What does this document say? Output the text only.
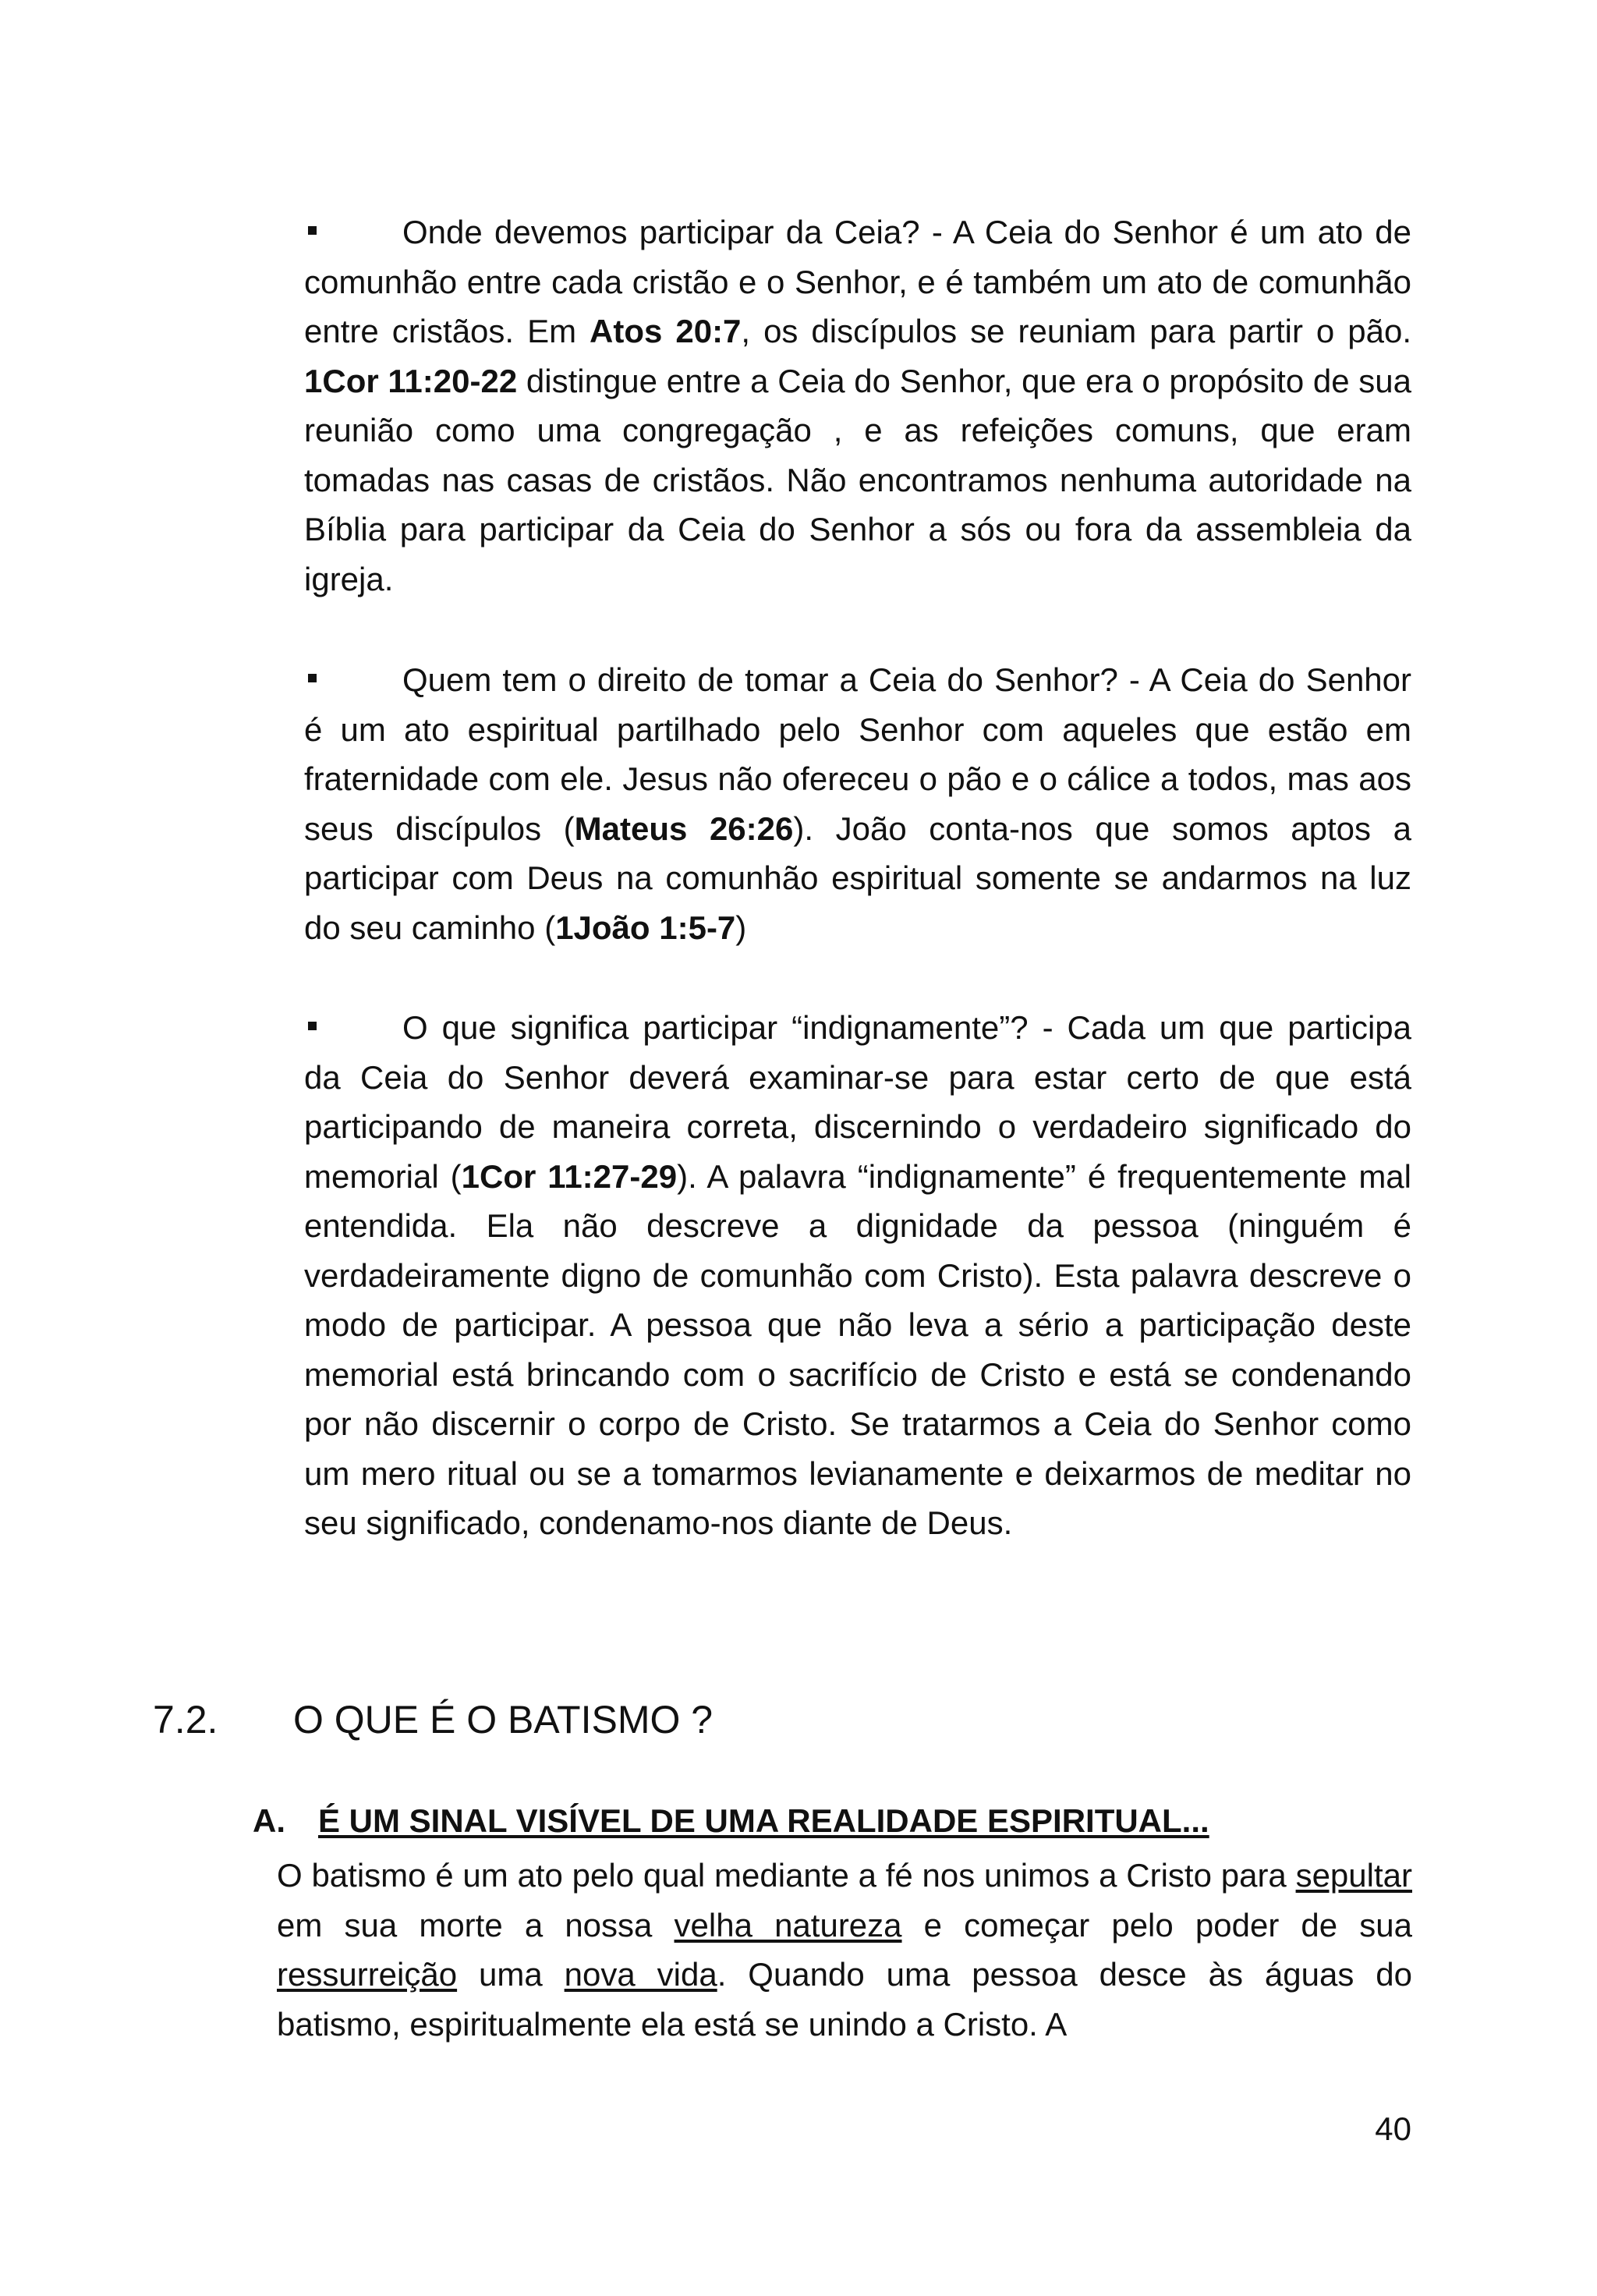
Onde devemos participar da Ceia? - A Ceia do Senhor é um ato de comunhão entre cada cristão e o Senhor, e é também um ato de comunhão entre cristãos. Em Atos 20:7, os discípulos se reuniam para partir o pão. 1Cor 11:20-22 distingue entre a Ceia do Senhor, que era o propósito de sua reunião como uma congregação , e as refeições comuns, que eram tomadas nas casas de cristãos. Não encontramos nenhuma autoridade na Bíblia para participar da Ceia do Senhor a sós ou fora da assembleia da igreja.

Quem tem o direito de tomar a Ceia do Senhor? - A Ceia do Senhor é um ato espiritual partilhado pelo Senhor com aqueles que estão em fraternidade com ele. Jesus não ofereceu o pão e o cálice a todos, mas aos seus discípulos (Mateus 26:26). João conta-nos que somos aptos a participar com Deus na comunhão espiritual somente se andarmos na luz do seu caminho (1João 1:5-7)

O que significa participar “indignamente”? - Cada um que participa da Ceia do Senhor deverá examinar-se para estar certo de que está participando de maneira correta, discernindo o verdadeiro significado do memorial (1Cor 11:27-29). A palavra “indignamente” é frequentemente mal entendida. Ela não descreve a dignidade da pessoa (ninguém é verdadeiramente digno de comunhão com Cristo). Esta palavra descreve o modo de participar. A pessoa que não leva a sério a participação deste memorial está brincando com o sacrifício de Cristo e está se condenando por não discernir o corpo de Cristo. Se tratarmos a Ceia do Senhor como um mero ritual ou se a tomarmos levianamente e deixarmos de meditar no seu significado, condenamo-nos diante de Deus.

7.2. O QUE É O BATISMO ?
A. É UM SINAL VISÍVEL DE UMA REALIDADE ESPIRITUAL...

O batismo é um ato pelo qual mediante a fé nos unimos a Cristo para sepultar em sua morte a nossa velha natureza e começar pelo poder de sua ressurreição uma nova vida. Quando uma pessoa desce às águas do batismo, espiritualmente ela está se unindo a Cristo. A

40
